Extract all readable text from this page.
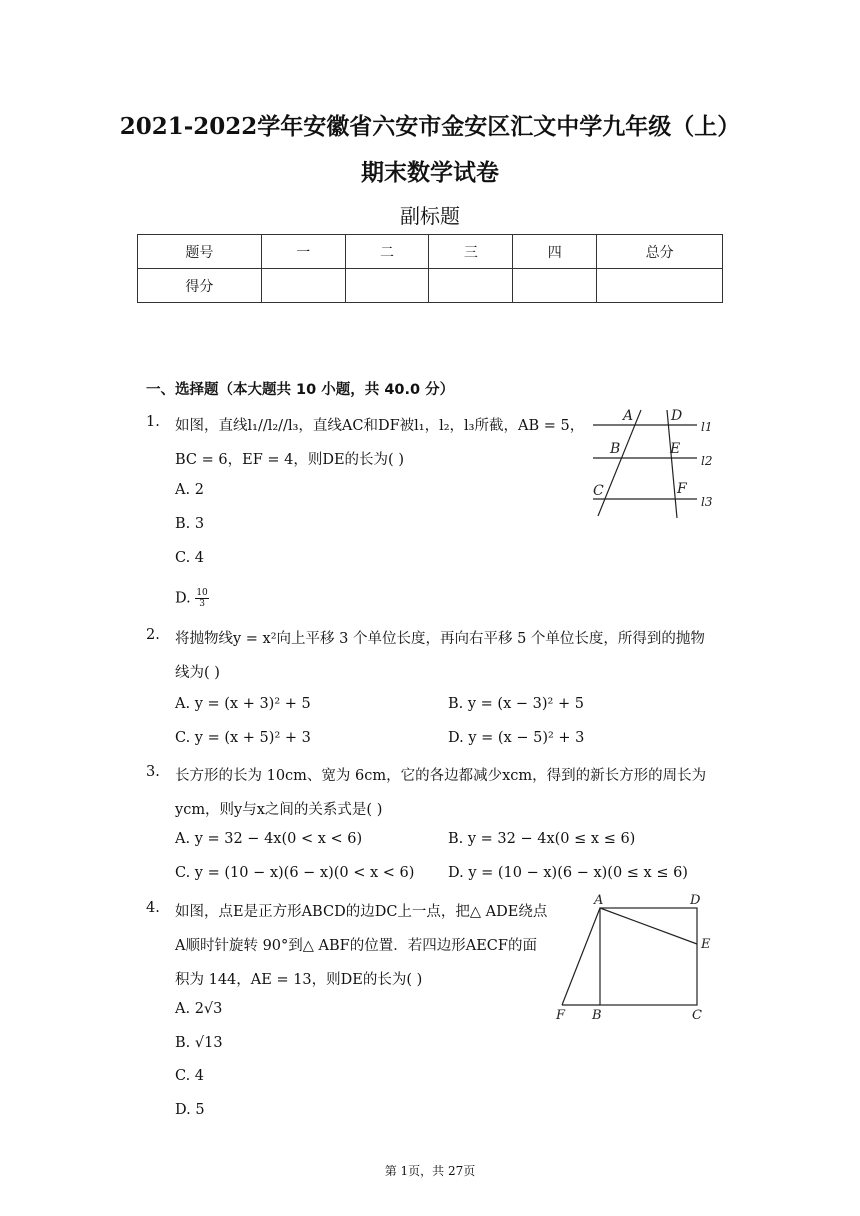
2021-2022学年安徽省六安市金安区汇文中学九年级（上）
期末数学试卷
副标题
题号	一	二	三	四	总分
得分					
一、选择题（本大题共 10 小题，共 40.0 分）
1. 如图，直线l₁//l₂//l₃，直线AC和DF被l₁，l₂，l₃所截，AB = 5，
BC = 6，EF = 4，则DE的长为( )
A. 2
B. 3
C. 4
D. $\frac{10}{3}$
A	D
B	E
C	F
l1
l2
l3
2. 将抛物线y = x²向上平移 3 个单位长度，再向右平移 5 个单位长度，所得到的抛物
线为( )
A. y = (x + 3)² + 5	B. y = (x − 3)² + 5
C. y = (x + 5)² + 3	D. y = (x − 5)² + 3
3. 长方形的长为 10cm、宽为 6cm，它的各边都减少xcm，得到的新长方形的周长为
ycm，则y与x之间的关系式是( )
A. y = 32 − 4x(0 < x < 6)	B. y = 32 − 4x(0 ≤ x ≤ 6)
C. y = (10 − x)(6 − x)(0 < x < 6) D. y = (10 − x)(6 − x)(0 ≤ x ≤ 6)
4. 如图，点E是正方形ABCD的边DC上一点，把△ ADE绕点
A顺时针旋转 90°到△ ABF的位置．若四边形AECF的面
积为 144，AE = 13，则DE的长为( )
A. 2√3
B. √13
C. 4
D. 5
A	D
E
F B	C
第 1页，共 27页
